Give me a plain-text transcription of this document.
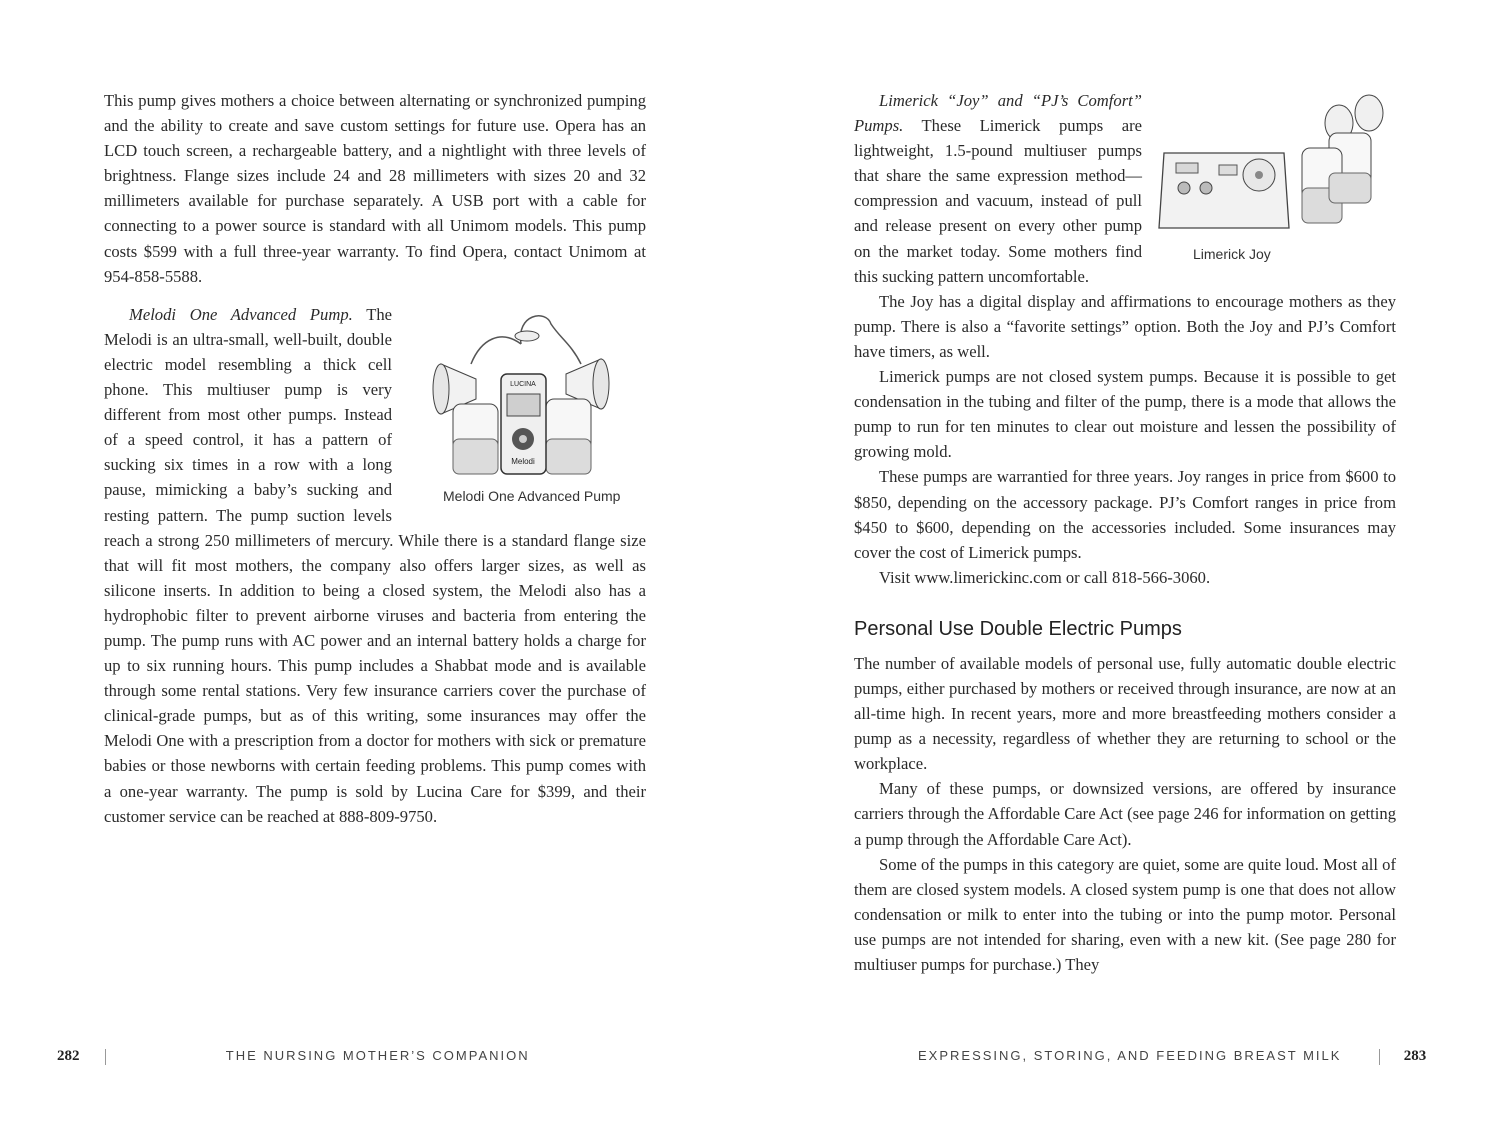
This pump gives mothers a choice between alternating or synchronized pumping and the ability to create and save custom settings for future use. Opera has an LCD touch screen, a rechargeable battery, and a nightlight with three levels of brightness. Flange sizes include 24 and 28 millimeters with sizes 20 and 32 millimeters available for purchase separately. A USB port with a cable for connecting to a power source is standard with all Unimom models. This pump costs $599 with a full three-year warranty. To find Opera, contact Unimom at 954-858-5588.

LUCINA
Melodi
Melodi One Advanced Pump
Melodi One Advanced Pump. The Melodi is an ultra-small, well-built, double electric model resembling a thick cell phone. This multiuser pump is very different from most other pumps. Instead of a speed control, it has a pattern of sucking six times in a row with a long pause, mimicking a baby’s sucking and resting pattern. The pump suction levels reach a strong 250 millimeters of mercury. While there is a standard flange size that will fit most mothers, the company also offers larger sizes, as well as silicone inserts. In addition to being a closed system, the Melodi also has a hydrophobic filter to prevent airborne viruses and bacteria from entering the pump. The pump runs with AC power and an internal battery holds a charge for up to six running hours. This pump includes a Shabbat mode and is available through some rental stations. Very few insurance carriers cover the purchase of clinical-grade pumps, but as of this writing, some insurances may offer the Melodi One with a prescription from a doctor for mothers with sick or premature babies or those newborns with certain feeding problems. This pump comes with a one-year warranty. The pump is sold by Lucina Care for $399, and their customer service can be reached at 888-809-9750.

282	THE NURSING MOTHER’S COMPANION

Limerick Joy
Limerick “Joy” and “PJ’s Comfort” Pumps. These Limerick pumps are lightweight, 1.5-pound multiuser pumps that share the same expression method—compression and vacuum, instead of pull and release present on every other pump on the market today. Some mothers find this sucking pattern uncomfortable.

The Joy has a digital display and affirmations to encourage mothers as they pump. There is also a “favorite settings” option. Both the Joy and PJ’s Comfort have timers, as well.

Limerick pumps are not closed system pumps. Because it is possible to get condensation in the tubing and filter of the pump, there is a mode that allows the pump to run for ten minutes to clear out moisture and lessen the possibility of growing mold.

These pumps are warrantied for three years. Joy ranges in price from $600 to $850, depending on the accessory package. PJ’s Comfort ranges in price from $450 to $600, depending on the accessories included. Some insurances may cover the cost of Limerick pumps.

Visit www.limerickinc.com or call 818-566-3060.

Personal Use Double Electric Pumps

The number of available models of personal use, fully automatic double electric pumps, either purchased by mothers or received through insurance, are now at an all-time high. In recent years, more and more breastfeeding mothers consider a pump as a necessity, regardless of whether they are returning to school or the workplace.

Many of these pumps, or downsized versions, are offered by insurance carriers through the Affordable Care Act (see page 246 for information on getting a pump through the Affordable Care Act).

Some of the pumps in this category are quiet, some are quite loud. Most all of them are closed system models. A closed system pump is one that does not allow condensation or milk to enter into the tubing or into the pump motor. Personal use pumps are not intended for sharing, even with a new kit. (See page 280 for multiuser pumps for purchase.) They

EXPRESSING, STORING, AND FEEDING BREAST MILK	283
